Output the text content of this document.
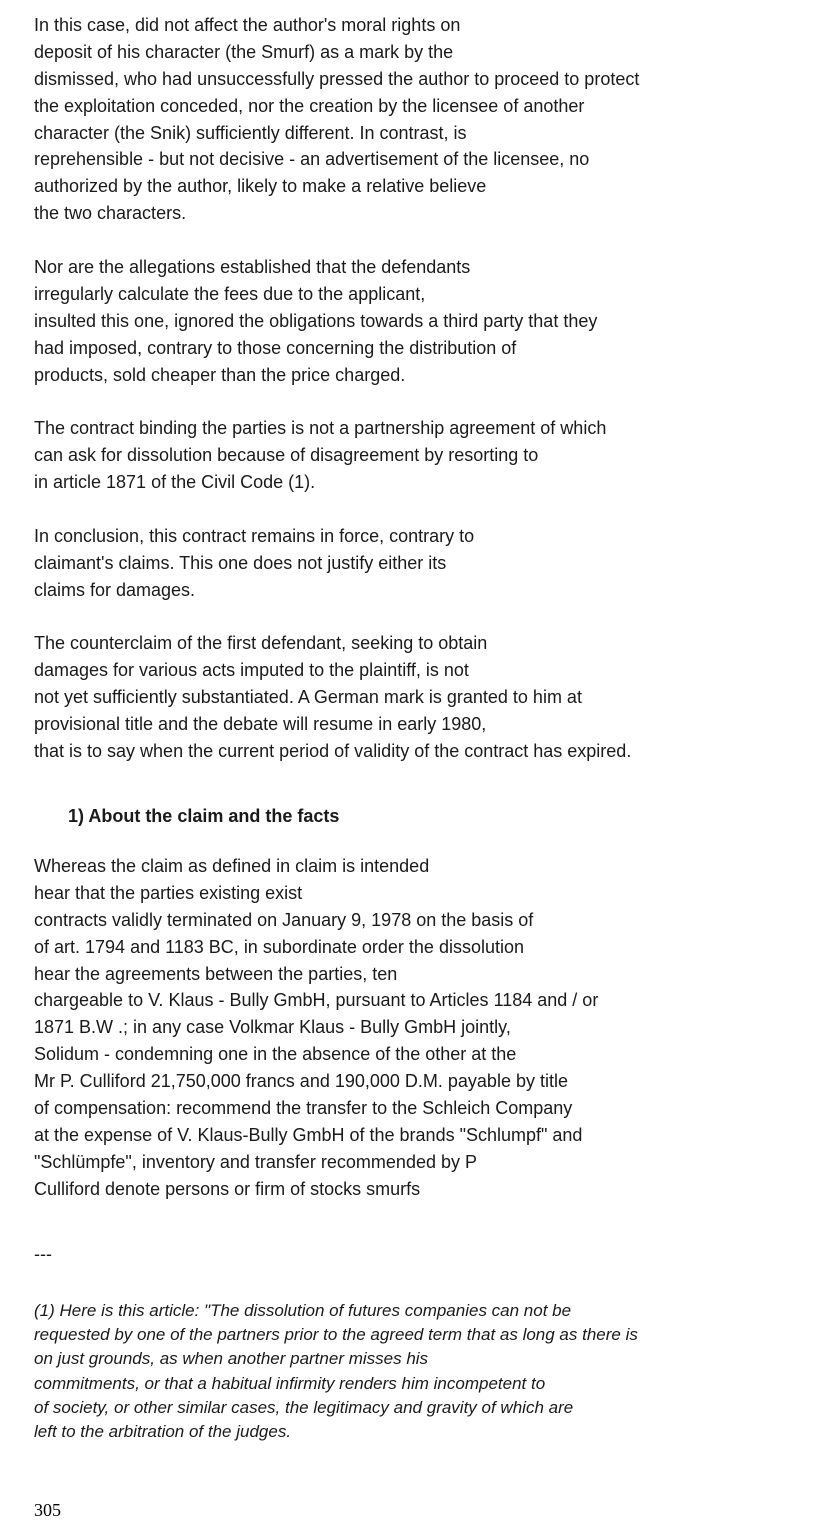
In this case, did not affect the author's moral rights on
deposit of his character (the Smurf) as a mark by the
dismissed, who had unsuccessfully pressed the author to proceed to protect
the exploitation conceded, nor the creation by the licensee of another
character (the Snik) sufficiently different. In contrast, is
reprehensible - but not decisive - an advertisement of the licensee, no
authorized by the author, likely to make a relative believe
the two characters.
Nor are the allegations established that the defendants
irregularly calculate the fees due to the applicant,
insulted this one, ignored the obligations towards a third party that they
had imposed, contrary to those concerning the distribution of
products, sold cheaper than the price charged.
The contract binding the parties is not a partnership agreement of which
can ask for dissolution because of disagreement by resorting to
in article 1871 of the Civil Code (1).
In conclusion, this contract remains in force, contrary to
claimant's claims. This one does not justify either its
claims for damages.
The counterclaim of the first defendant, seeking to obtain
damages for various acts imputed to the plaintiff, is not
not yet sufficiently substantiated. A German mark is granted to him at
provisional title and the debate will resume in early 1980,
that is to say when the current period of validity of the contract has expired.
1) About the claim and the facts
Whereas the claim as defined in claim is intended
hear that the parties existing exist
contracts validly terminated on January 9, 1978 on the basis of
of art. 1794 and 1183 BC, in subordinate order the dissolution
hear the agreements between the parties, ten
chargeable to V. Klaus - Bully GmbH, pursuant to Articles 1184 and / or
1871 B.W .; in any case Volkmar Klaus - Bully GmbH jointly,
Solidum - condemning one in the absence of the other at the
Mr P. Culliford 21,750,000 francs and 190,000 D.M. payable by title
of compensation: recommend the transfer to the Schleich Company
at the expense of V. Klaus-Bully GmbH of the brands "Schlumpf" and
"Schlümpfe", inventory and transfer recommended by P
Culliford denote persons or firm of stocks smurfs
---
(1) Here is this article: "The dissolution of futures companies can not be
requested by one of the partners prior to the agreed term that as long as there is
on just grounds, as when another partner misses his
commitments, or that a habitual infirmity renders him incompetent to
of society, or other similar cases, the legitimacy and gravity of which are
left to the arbitration of the judges.
305
